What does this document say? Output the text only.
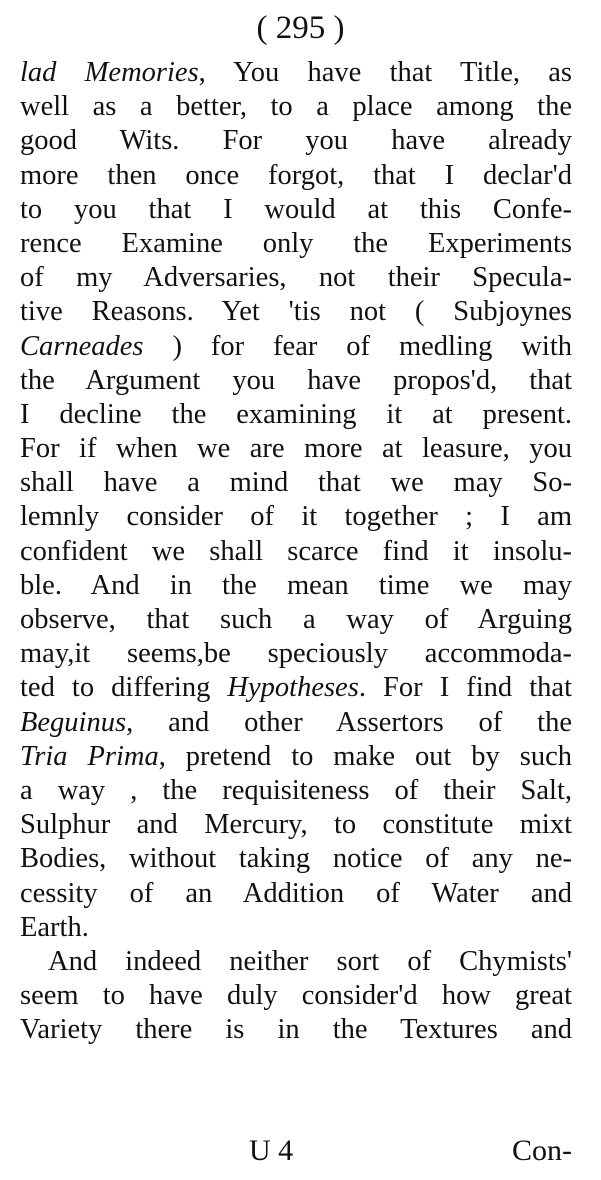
( 295 )
lad Memories, You have that Title, as
well as a better, to a place among the
good Wits. For you have already
more then once forgot, that I declar'd
to you that I would at this Confe-
rence Examine only the Experiments
of my Adversaries, not their Specula-
tive Reasons. Yet 'tis not ( Subjoynes
Carneades ) for fear of medling with
the Argument you have propos'd, that
I decline the examining it at present.
For if when we are more at leasure, you
shall have a mind that we may So-
lemnly consider of it together ; I am
confident we shall scarce find it insolu-
ble. And in the mean time we may
observe, that such a way of Arguing
may,it seems,be speciously accommoda-
ted to differing Hypotheses. For I find that
Beguinus, and other Assertors of the
Tria Prima, pretend to make out by such
a way , the requisiteness of their Salt,
Sulphur and Mercury, to constitute mixt
Bodies, without taking notice of any ne-
cessity of an Addition of Water and
Earth.
And indeed neither sort of Chymists'
seem to have duly consider'd how great
Variety there is in the Textures and
U 4	Con-
